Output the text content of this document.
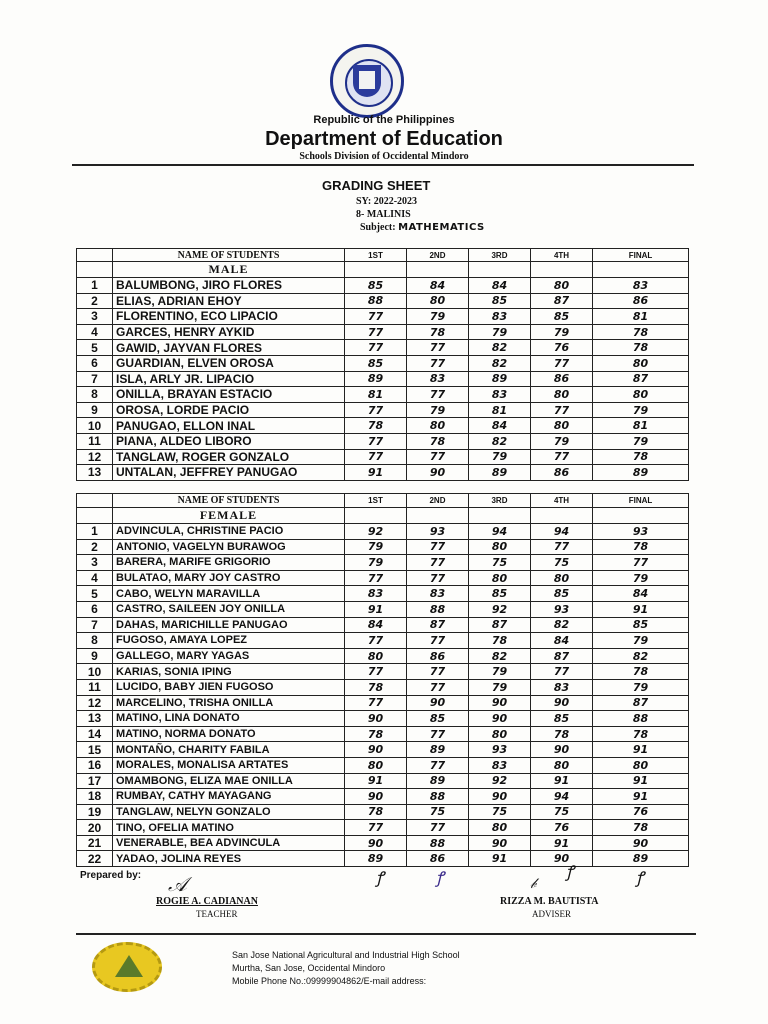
Republic of the Philippines
Department of Education
Schools Division of Occidental Mindoro
GRADING SHEET
SY: 2022-2023
8- MALINIS
Subject: MATHEMATICS
	NAME OF STUDENTS	1ST	2ND	3RD	4TH	FINAL
	MALE					
1	BALUMBONG, JIRO FLORES	85	84	84	80	83
2	ELIAS, ADRIAN EHOY	88	80	85	87	86
3	FLORENTINO, ECO LIPACIO	77	79	83	85	81
4	GARCES, HENRY AYKID	77	78	79	79	78
5	GAWID, JAYVAN FLORES	77	77	82	76	78
6	GUARDIAN, ELVEN OROSA	85	77	82	77	80
7	ISLA, ARLY JR. LIPACIO	89	83	89	86	87
8	ONILLA, BRAYAN ESTACIO	81	77	83	80	80
9	OROSA, LORDE PACIO	77	79	81	77	79
10	PANUGAO, ELLON INAL	78	80	84	80	81
11	PIANA, ALDEO LIBORO	77	78	82	79	79
12	TANGLAW, ROGER GONZALO	77	77	79	77	78
13	UNTALAN, JEFFREY PANUGAO	91	90	89	86	89
	NAME OF STUDENTS	1ST	2ND	3RD	4TH	FINAL
	FEMALE					
1	ADVINCULA, CHRISTINE PACIO	92	93	94	94	93
2	ANTONIO, VAGELYN BURAWOG	79	77	80	77	78
3	BARERA, MARIFE GRIGORIO	79	77	75	75	77
4	BULATAO, MARY JOY CASTRO	77	77	80	80	79
5	CABO, WELYN MARAVILLA	83	83	85	85	84
6	CASTRO, SAILEEN JOY ONILLA	91	88	92	93	91
7	DAHAS, MARICHILLE PANUGAO	84	87	87	82	85
8	FUGOSO, AMAYA LOPEZ	77	77	78	84	79
9	GALLEGO, MARY YAGAS	80	86	82	87	82
10	KARIAS, SONIA IPING	77	77	79	77	78
11	LUCIDO, BABY JIEN FUGOSO	78	77	79	83	79
12	MARCELINO, TRISHA ONILLA	77	90	90	90	87
13	MATINO, LINA DONATO	90	85	90	85	88
14	MATINO, NORMA DONATO	78	77	80	78	78
15	MONTAÑO, CHARITY FABILA	90	89	93	90	91
16	MORALES, MONALISA ARTATES	80	77	83	80	80
17	OMAMBONG, ELIZA MAE ONILLA	91	89	92	91	91
18	RUMBAY, CATHY MAYAGANG	90	88	90	94	91
19	TANGLAW, NELYN GONZALO	78	75	75	75	76
20	TINO, OFELIA MATINO	77	77	80	76	78
21	VENERABLE, BEA ADVINCULA	90	88	90	91	90
22	YADAO, JOLINA REYES	89	86	91	90	89
Prepared by:	ꝭ	ꝭ	ꝭ	ꝭ
𝒜
ROGIE A. CADIANAN
TEACHER
𝒷
RIZZA M. BAUTISTA
ADVISER
San Jose National Agricultural and Industrial High School
Murtha, San Jose, Occidental Mindoro
Mobile Phone No.:09999904862/E-mail address:
